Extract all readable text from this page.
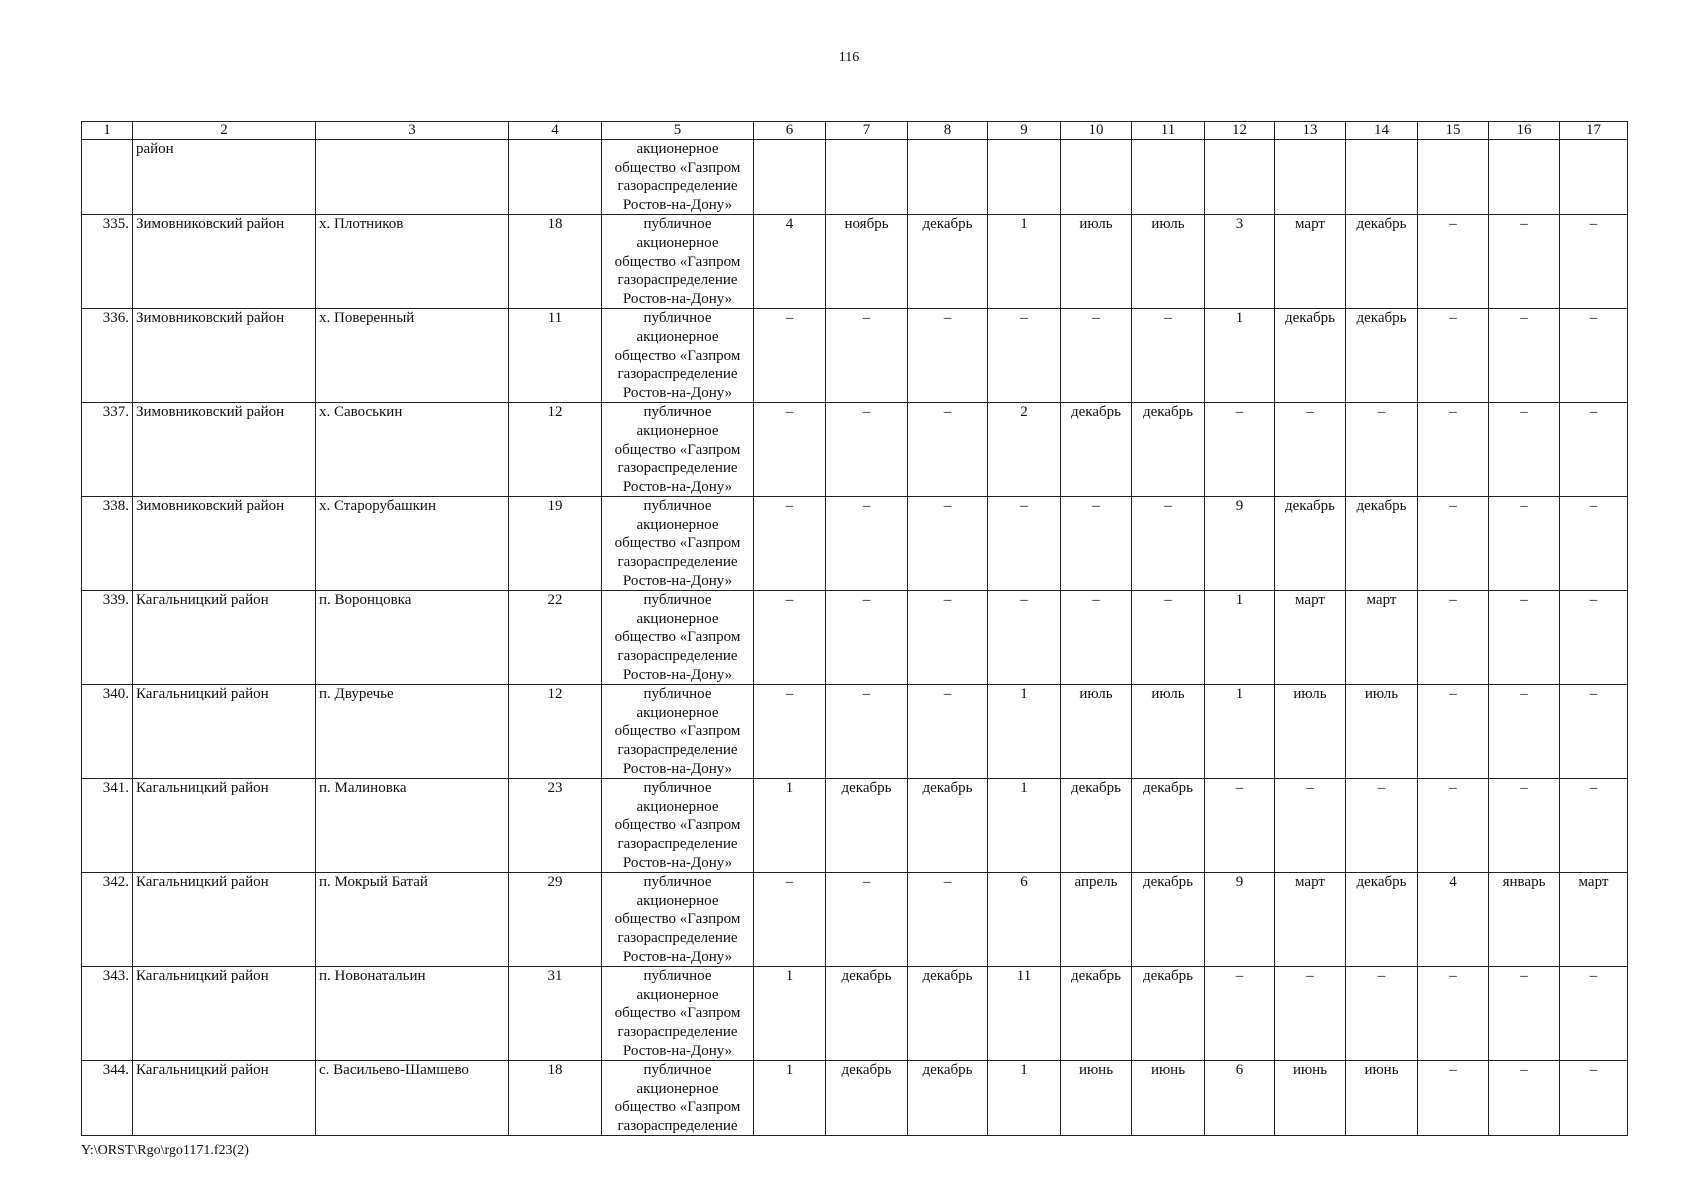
116
1	2	3	4	5	6	7	8	9	10	11	12	13	14	15	16	17
	район			акционерное общество «Газпром газораспределение Ростов-на-Дону»												
335.	Зимовниковский район	х. Плотников	18	публичное акционерное общество «Газпром газораспределение Ростов-на-Дону»	4	ноябрь	декабрь	1	июль	июль	3	март	декабрь	–	–	–
336.	Зимовниковский район	х. Поверенный	11	публичное акционерное общество «Газпром газораспределение Ростов-на-Дону»	–	–	–	–	–	–	1	декабрь	декабрь	–	–	–
337.	Зимовниковский район	х. Савоськин	12	публичное акционерное общество «Газпром газораспределение Ростов-на-Дону»	–	–	–	2	декабрь	декабрь	–	–	–	–	–	–
338.	Зимовниковский район	х. Старорубашкин	19	публичное акционерное общество «Газпром газораспределение Ростов-на-Дону»	–	–	–	–	–	–	9	декабрь	декабрь	–	–	–
339.	Кагальницкий район	п. Воронцовка	22	публичное акционерное общество «Газпром газораспределение Ростов-на-Дону»	–	–	–	–	–	–	1	март	март	–	–	–
340.	Кагальницкий район	п. Двуречье	12	публичное акционерное общество «Газпром газораспределение Ростов-на-Дону»	–	–	–	1	июль	июль	1	июль	июль	–	–	–
341.	Кагальницкий район	п. Малиновка	23	публичное акционерное общество «Газпром газораспределение Ростов-на-Дону»	1	декабрь	декабрь	1	декабрь	декабрь	–	–	–	–	–	–
342.	Кагальницкий район	п. Мокрый Батай	29	публичное акционерное общество «Газпром газораспределение Ростов-на-Дону»	–	–	–	6	апрель	декабрь	9	март	декабрь	4	январь	март
343.	Кагальницкий район	п. Новонатальин	31	публичное акционерное общество «Газпром газораспределение Ростов-на-Дону»	1	декабрь	декабрь	11	декабрь	декабрь	–	–	–	–	–	–
344.	Кагальницкий район	с. Васильево-Шамшево	18	публичное акционерное общество «Газпром газораспределение	1	декабрь	декабрь	1	июнь	июнь	6	июнь	июнь	–	–	–
Y:\ORST\Rgo\rgo1171.f23(2)
